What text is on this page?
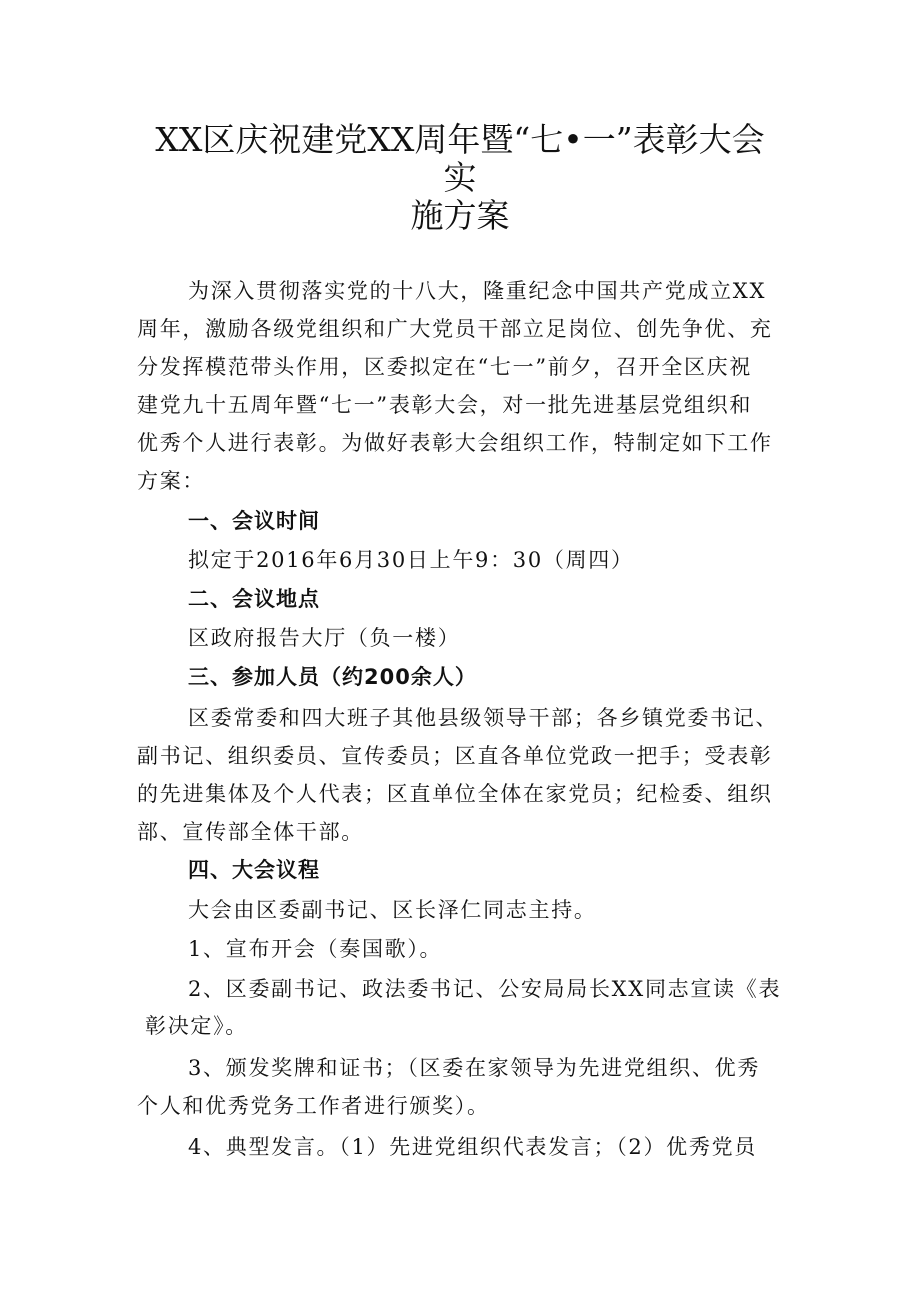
XX区庆祝建党XX周年暨“七•一”表彰大会
实
施方案
为深入贯彻落实党的十八大，隆重纪念中国共产党成立XX
周年，激励各级党组织和广大党员干部立足岗位、创先争优、充
分发挥模范带头作用，区委拟定在“七一”前夕，召开全区庆祝
建党九十五周年暨“七一”表彰大会，对一批先进基层党组织和
优秀个人进行表彰。为做好表彰大会组织工作，特制定如下工作
方案：
一、会议时间
拟定于2016年6月30日上午9：30（周四）
二、会议地点
区政府报告大厅（负一楼）
三、参加人员（约200余人）
区委常委和四大班子其他县级领导干部；各乡镇党委书记、
副书记、组织委员、宣传委员；区直各单位党政一把手；受表彰
的先进集体及个人代表；区直单位全体在家党员；纪检委、组织
部、宣传部全体干部。
四、大会议程
大会由区委副书记、区长泽仁同志主持。
1、宣布开会（奏国歌）。
2、区委副书记、政法委书记、公安局局长XX同志宣读《表
彰决定》。
3、颁发奖牌和证书；（区委在家领导为先进党组织、优秀
个人和优秀党务工作者进行颁奖）。
4、典型发言。（1）先进党组织代表发言；（2）优秀党员
